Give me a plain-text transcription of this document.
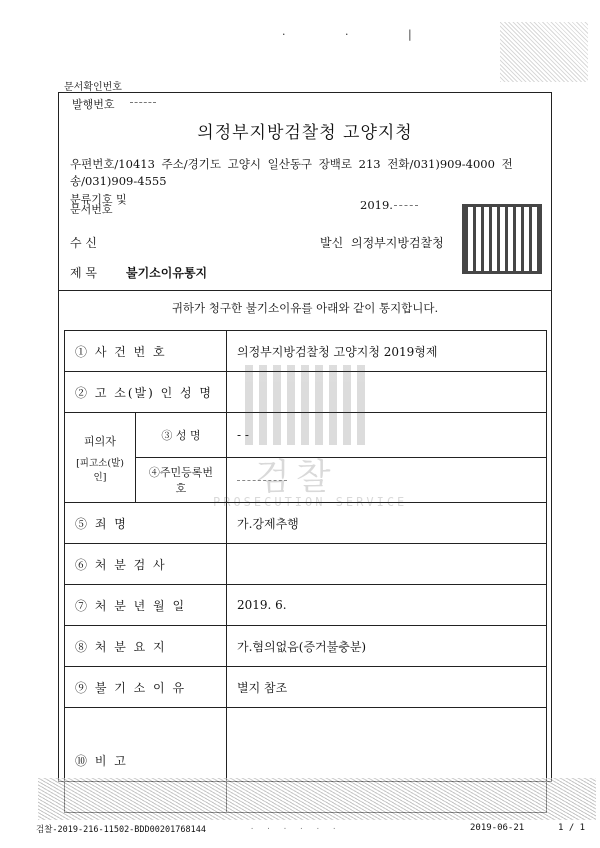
· · |
문서확인번호
발행번호
의정부지방검찰청 고양지청
우편번호/10413 주소/경기도 고양시 일산동구 장백로 213 전화/031)909-4000 전송/031)909-4555
분류기호 및 문서번호	2019.
수 신	발신 의정부지방검찰청
제 목 불기소이유통지
귀하가 청구한 불기소이유를 아래와 같이 통지합니다.
① 사 건 번 호		의정부지방검찰청 고양지청 2019형제
② 고 소(발) 인 성 명		

피의자
[피고소(발)인]	③ 성 명	- -
	④주민등록번호	
⑤ 죄 명		가.강제추행
⑥ 처 분 검 사		
⑦ 처 분 년 월 일		2019. 6.
⑧ 처 분 요 지		가.혐의없음(증거불충분)
⑨ 불 기 소 이 유		별지 참조
⑩ 비 고		
검찰
PROSECUTION SERVICE
검찰-2019-216-11502-BDD00201768144	· · · · · ·	2019-06-21	1 / 1
